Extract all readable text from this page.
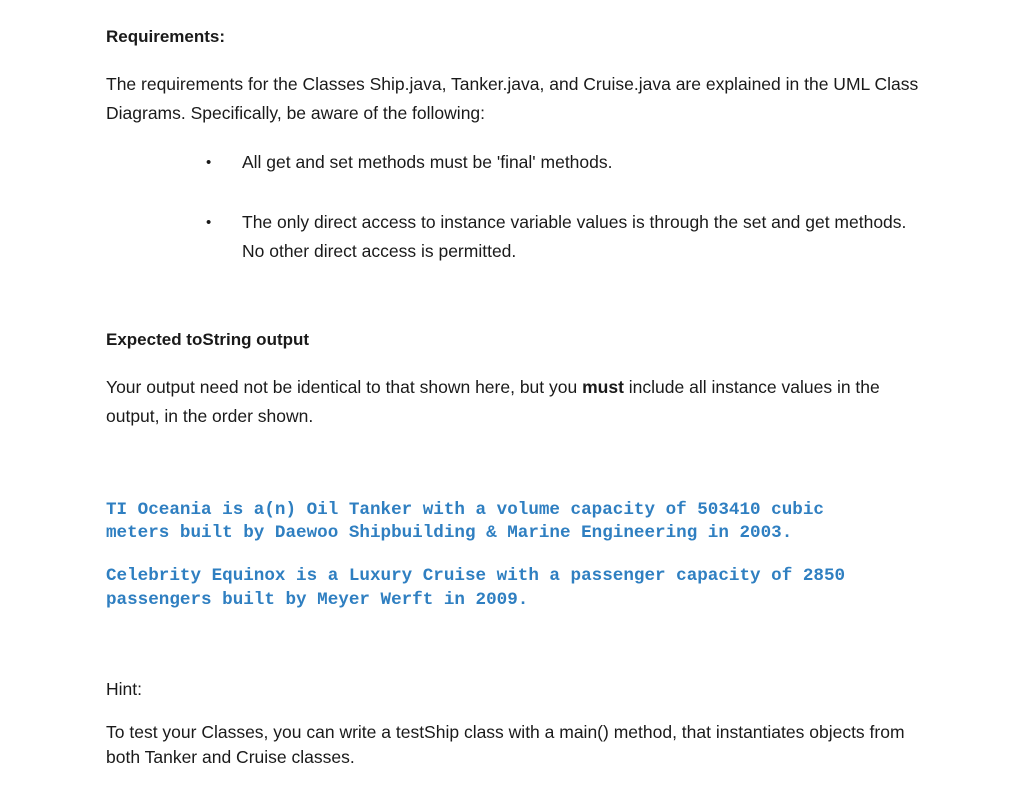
Requirements:
The requirements for the Classes Ship.java, Tanker.java, and Cruise.java are explained in the UML Class
Diagrams. Specifically, be aware of the following:
• All get and set methods must be 'final' methods.
• The only direct access to instance variable values is through the set and get methods.
No other direct access is permitted.
Expected toString output
Your output need not be identical to that shown here, but you must include all instance values in the
output, in the order shown.
TI Oceania is a(n) Oil Tanker with a volume capacity of 503410 cubic
meters built by Daewoo Shipbuilding & Marine Engineering in 2003.
Celebrity Equinox is a Luxury Cruise with a passenger capacity of 2850
passengers built by Meyer Werft in 2009.
Hint:
To test your Classes, you can write a testShip class with a main() method, that instantiates objects from
both Tanker and Cruise classes.
